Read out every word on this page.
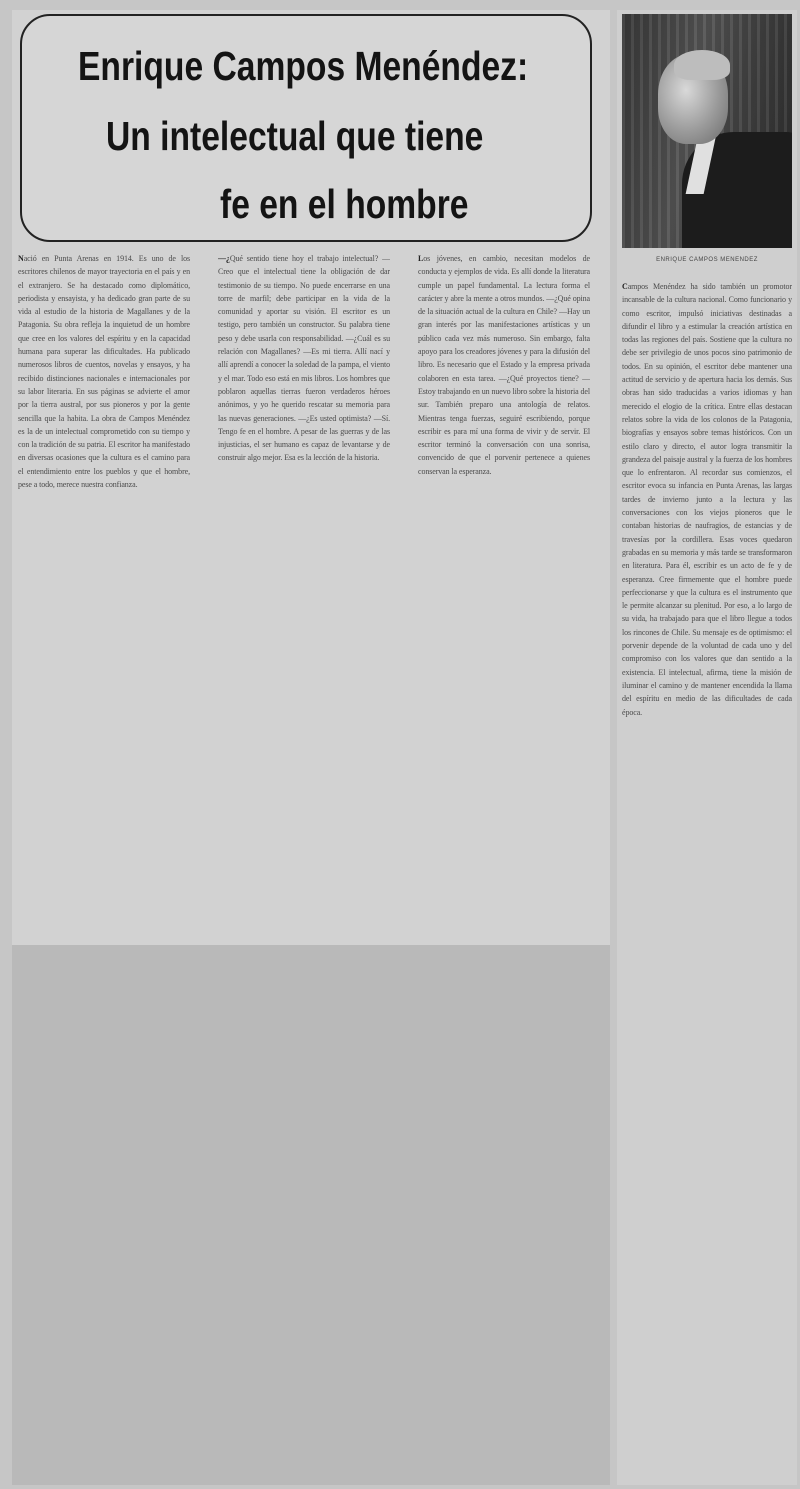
Enrique Campos Menéndez:
Un intelectual que tiene
fe en el hombre

ENRIQUE CAMPOS MENENDEZ

Nació en Punta Arenas en 1914. Es uno de los escritores chilenos de mayor trayectoria en el país y en el extranjero. Se ha destacado como diplomático, periodista y ensayista, y ha dedicado gran parte de su vida al estudio de la historia de Magallanes y de la Patagonia. Su obra refleja la inquietud de un hombre que cree en los valores del espíritu y en la capacidad humana para superar las dificultades. Ha publicado numerosos libros de cuentos, novelas y ensayos, y ha recibido distinciones nacionales e internacionales por su labor literaria. En sus páginas se advierte el amor por la tierra austral, por sus pioneros y por la gente sencilla que la habita. La obra de Campos Menéndez es la de un intelectual comprometido con su tiempo y con la tradición de su patria. El escritor ha manifestado en diversas ocasiones que la cultura es el camino para el entendimiento entre los pueblos y que el hombre, pese a todo, merece nuestra confianza.

—¿Qué sentido tiene hoy el trabajo intelectual? —Creo que el intelectual tiene la obligación de dar testimonio de su tiempo. No puede encerrarse en una torre de marfil; debe participar en la vida de la comunidad y aportar su visión. El escritor es un testigo, pero también un constructor. Su palabra tiene peso y debe usarla con responsabilidad. —¿Cuál es su relación con Magallanes? —Es mi tierra. Allí nací y allí aprendí a conocer la soledad de la pampa, el viento y el mar. Todo eso está en mis libros. Los hombres que poblaron aquellas tierras fueron verdaderos héroes anónimos, y yo he querido rescatar su memoria para las nuevas generaciones. —¿Es usted optimista? —Sí. Tengo fe en el hombre. A pesar de las guerras y de las injusticias, el ser humano es capaz de levantarse y de construir algo mejor. Esa es la lección de la historia.

Los jóvenes, en cambio, necesitan modelos de conducta y ejemplos de vida. Es allí donde la literatura cumple un papel fundamental. La lectura forma el carácter y abre la mente a otros mundos. —¿Qué opina de la situación actual de la cultura en Chile? —Hay un gran interés por las manifestaciones artísticas y un público cada vez más numeroso. Sin embargo, falta apoyo para los creadores jóvenes y para la difusión del libro. Es necesario que el Estado y la empresa privada colaboren en esta tarea. —¿Qué proyectos tiene? —Estoy trabajando en un nuevo libro sobre la historia del sur. También preparo una antología de relatos. Mientras tenga fuerzas, seguiré escribiendo, porque escribir es para mí una forma de vivir y de servir. El escritor terminó la conversación con una sonrisa, convencido de que el porvenir pertenece a quienes conservan la esperanza.

Campos Menéndez ha sido también un promotor incansable de la cultura nacional. Como funcionario y como escritor, impulsó iniciativas destinadas a difundir el libro y a estimular la creación artística en todas las regiones del país. Sostiene que la cultura no debe ser privilegio de unos pocos sino patrimonio de todos. En su opinión, el escritor debe mantener una actitud de servicio y de apertura hacia los demás. Sus obras han sido traducidas a varios idiomas y han merecido el elogio de la crítica. Entre ellas destacan relatos sobre la vida de los colonos de la Patagonia, biografías y ensayos sobre temas históricos. Con un estilo claro y directo, el autor logra transmitir la grandeza del paisaje austral y la fuerza de los hombres que lo enfrentaron. Al recordar sus comienzos, el escritor evoca su infancia en Punta Arenas, las largas tardes de invierno junto a la lectura y las conversaciones con los viejos pioneros que le contaban historias de naufragios, de estancias y de travesías por la cordillera. Esas voces quedaron grabadas en su memoria y más tarde se transformaron en literatura. Para él, escribir es un acto de fe y de esperanza. Cree firmemente que el hombre puede perfeccionarse y que la cultura es el instrumento que le permite alcanzar su plenitud. Por eso, a lo largo de su vida, ha trabajado para que el libro llegue a todos los rincones de Chile. Su mensaje es de optimismo: el porvenir depende de la voluntad de cada uno y del compromiso con los valores que dan sentido a la existencia. El intelectual, afirma, tiene la misión de iluminar el camino y de mantener encendida la llama del espíritu en medio de las dificultades de cada época.
